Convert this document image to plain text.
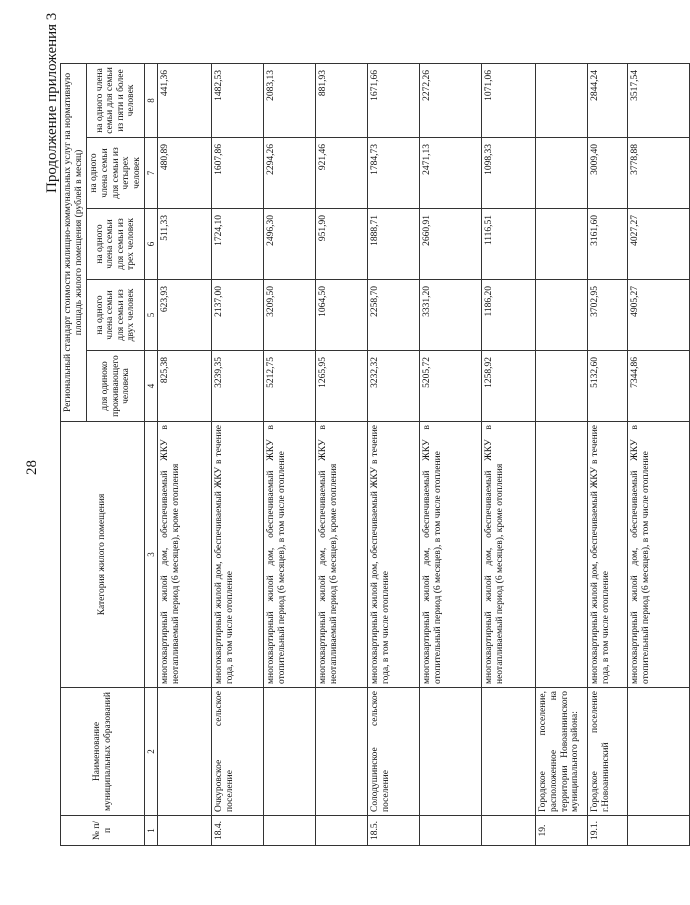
28
Продолжение приложения 3
№ п/п	Наименование муниципальных образований	Категория жилого помещения	Региональный стандарт стоимости жилищно-коммунальных услуг на нормативную площадь жилого помещения (рублей в месяц)				
			для одиноко проживающего человека	на одного члена семьи для семьи из двух человек	на одного члена семьи для семьи из трех человек	на одного члена семьи для семьи из четырех человек	на одного члена семьи для семьи из пяти и более человек
1	2	3	4	5	6	7	8
		многоквартирный жилой дом, обеспечиваемый ЖКУ в неотапливаемый период (6 месяцев), кроме отопления	825,38	623,93	511,33	480,89	441,36
18.4.	Очкуровское сельское поселение	многоквартирный жилой дом, обеспечиваемый ЖКУ в течение года, в том числе отопление	3239,35	2137,00	1724,10	1607,86	1482,53
		многоквартирный жилой дом, обеспечиваемый ЖКУ в отопительный период (6 месяцев), в том числе отопление	5212,75	3209,50	2496,30	2294,26	2083,13
		многоквартирный жилой дом, обеспечиваемый ЖКУ в неотапливаемый период (6 месяцев), кроме отопления	1265,95	1064,50	951,90	921,46	881,93
18.5.	Солодушинское сельское поселение	многоквартирный жилой дом, обеспечиваемый ЖКУ в течение года, в том числе отопление	3232,32	2258,70	1888,71	1784,73	1671,66
		многоквартирный жилой дом, обеспечиваемый ЖКУ в отопительный период (6 месяцев), в том числе отопление	5205,72	3331,20	2660,91	2471,13	2272,26
		многоквартирный жилой дом, обеспечиваемый ЖКУ в неотапливаемый период (6 месяцев), кроме отопления	1258,92	1186,20	1116,51	1098,33	1071,06
19.	Городское поселение, расположенное на территории Новоаннинского муниципального района:						
19.1.	Городское поселение г.Новоаннинский	многоквартирный жилой дом, обеспечиваемый ЖКУ в течение года, в том числе отопление	5132,60	3702,95	3161,60	3009,40	2844,24
		многоквартирный жилой дом, обеспечиваемый ЖКУ в отопительный период (6 месяцев), в том числе отопление	7344,86	4905,27	4027,27	3778,88	3517,54
